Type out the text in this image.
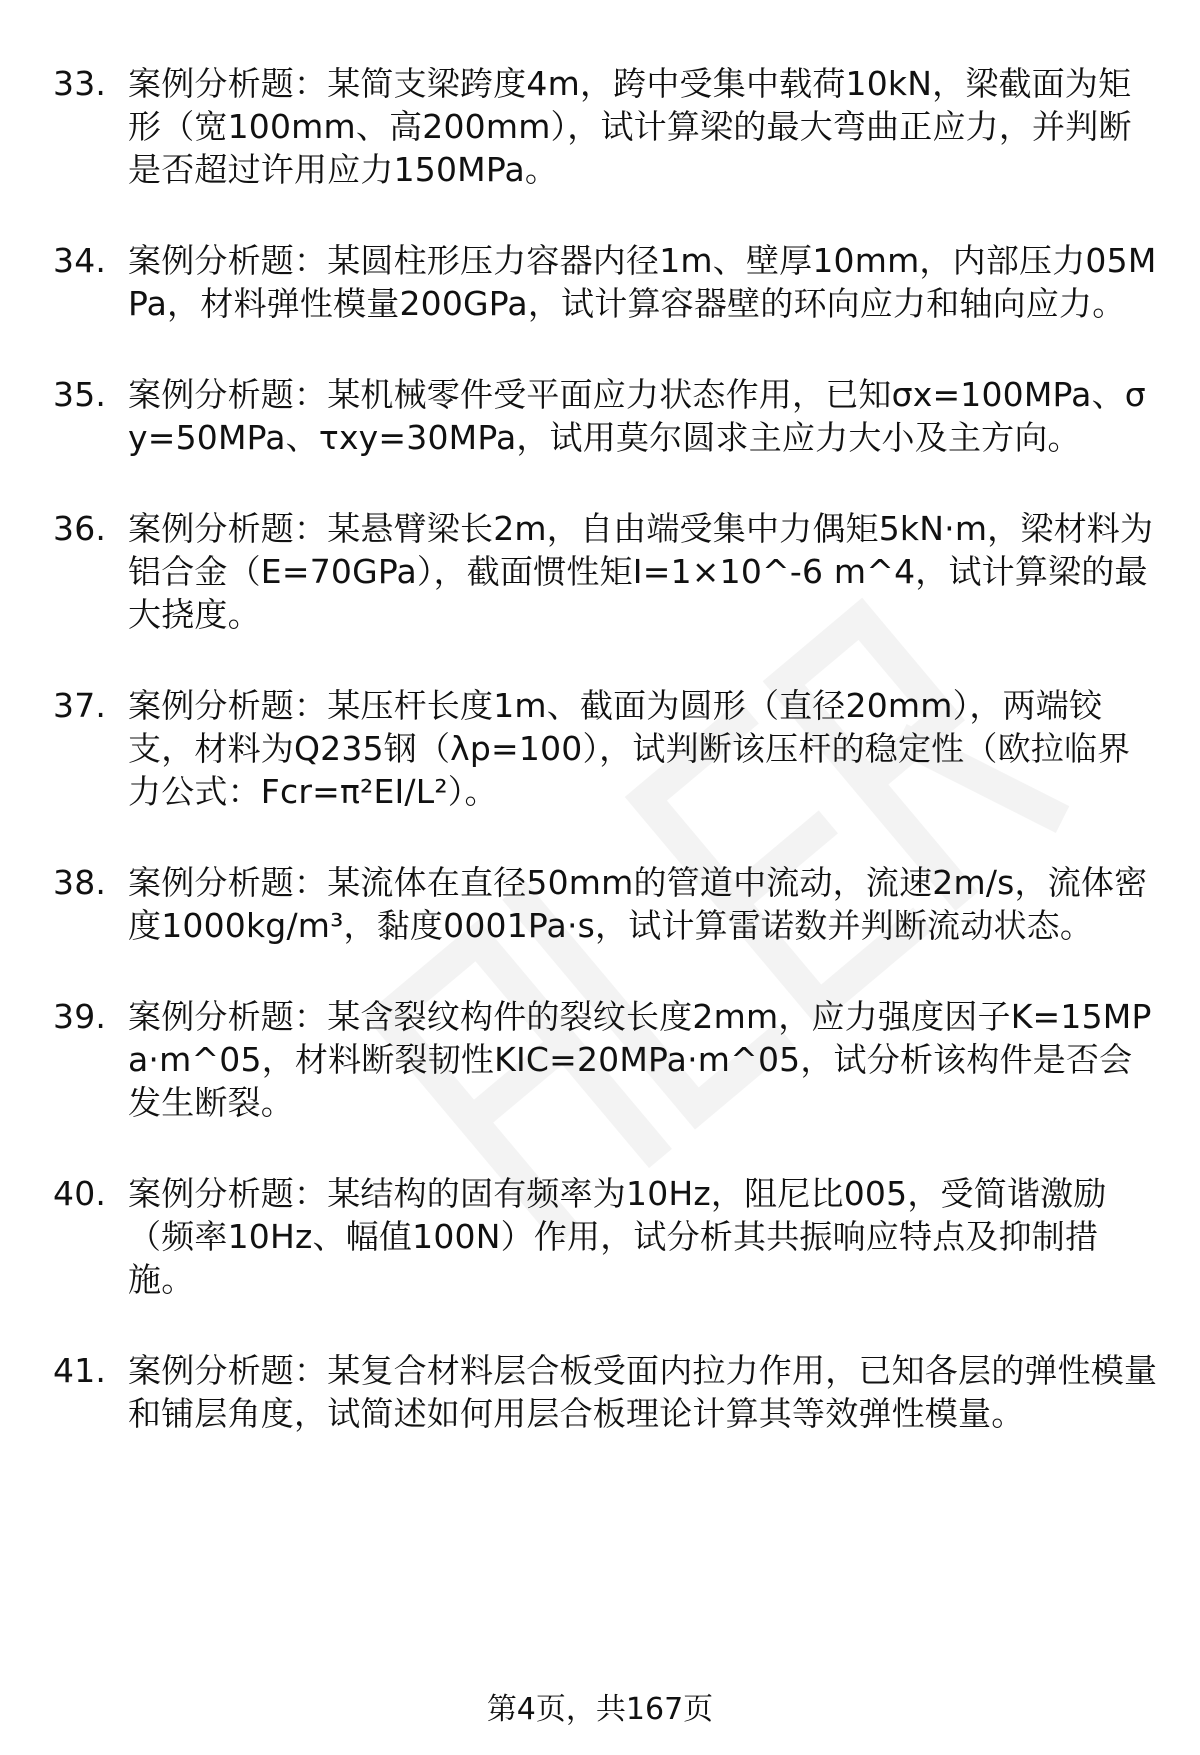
33. 案例分析题：某简支梁跨度4m，跨中受集中载荷10kN，梁截面为矩形（宽100mm、高200mm），试计算梁的最大弯曲正应力，并判断是否超过许用应力150MPa。
34. 案例分析题：某圆柱形压力容器内径1m、壁厚10mm，内部压力05MPa，材料弹性模量200GPa，试计算容器壁的环向应力和轴向应力。
35. 案例分析题：某机械零件受平面应力状态作用，已知σx=100MPa、σy=50MPa、τxy=30MPa，试用莫尔圆求主应力大小及主方向。
36. 案例分析题：某悬臂梁长2m，自由端受集中力偶矩5kN·m，梁材料为铝合金（E=70GPa），截面惯性矩I=1×10^-6 m^4，试计算梁的最大挠度。
37. 案例分析题：某压杆长度1m、截面为圆形（直径20mm），两端铰支，材料为Q235钢（λp=100），试判断该压杆的稳定性（欧拉临界力公式：Fcr=π²EI/L²）。
38. 案例分析题：某流体在直径50mm的管道中流动，流速2m/s，流体密度1000kg/m³，黏度0001Pa·s，试计算雷诺数并判断流动状态。
39. 案例分析题：某含裂纹构件的裂纹长度2mm，应力强度因子K=15MPa·m^05，材料断裂韧性KIC=20MPa·m^05，试分析该构件是否会发生断裂。
40. 案例分析题：某结构的固有频率为10Hz，阻尼比005，受简谐激励（频率10Hz、幅值100N）作用，试分析其共振响应特点及抑制措施。
41. 案例分析题：某复合材料层合板受面内拉力作用，已知各层的弹性模量和铺层角度，试简述如何用层合板理论计算其等效弹性模量。
第4页，共167页
